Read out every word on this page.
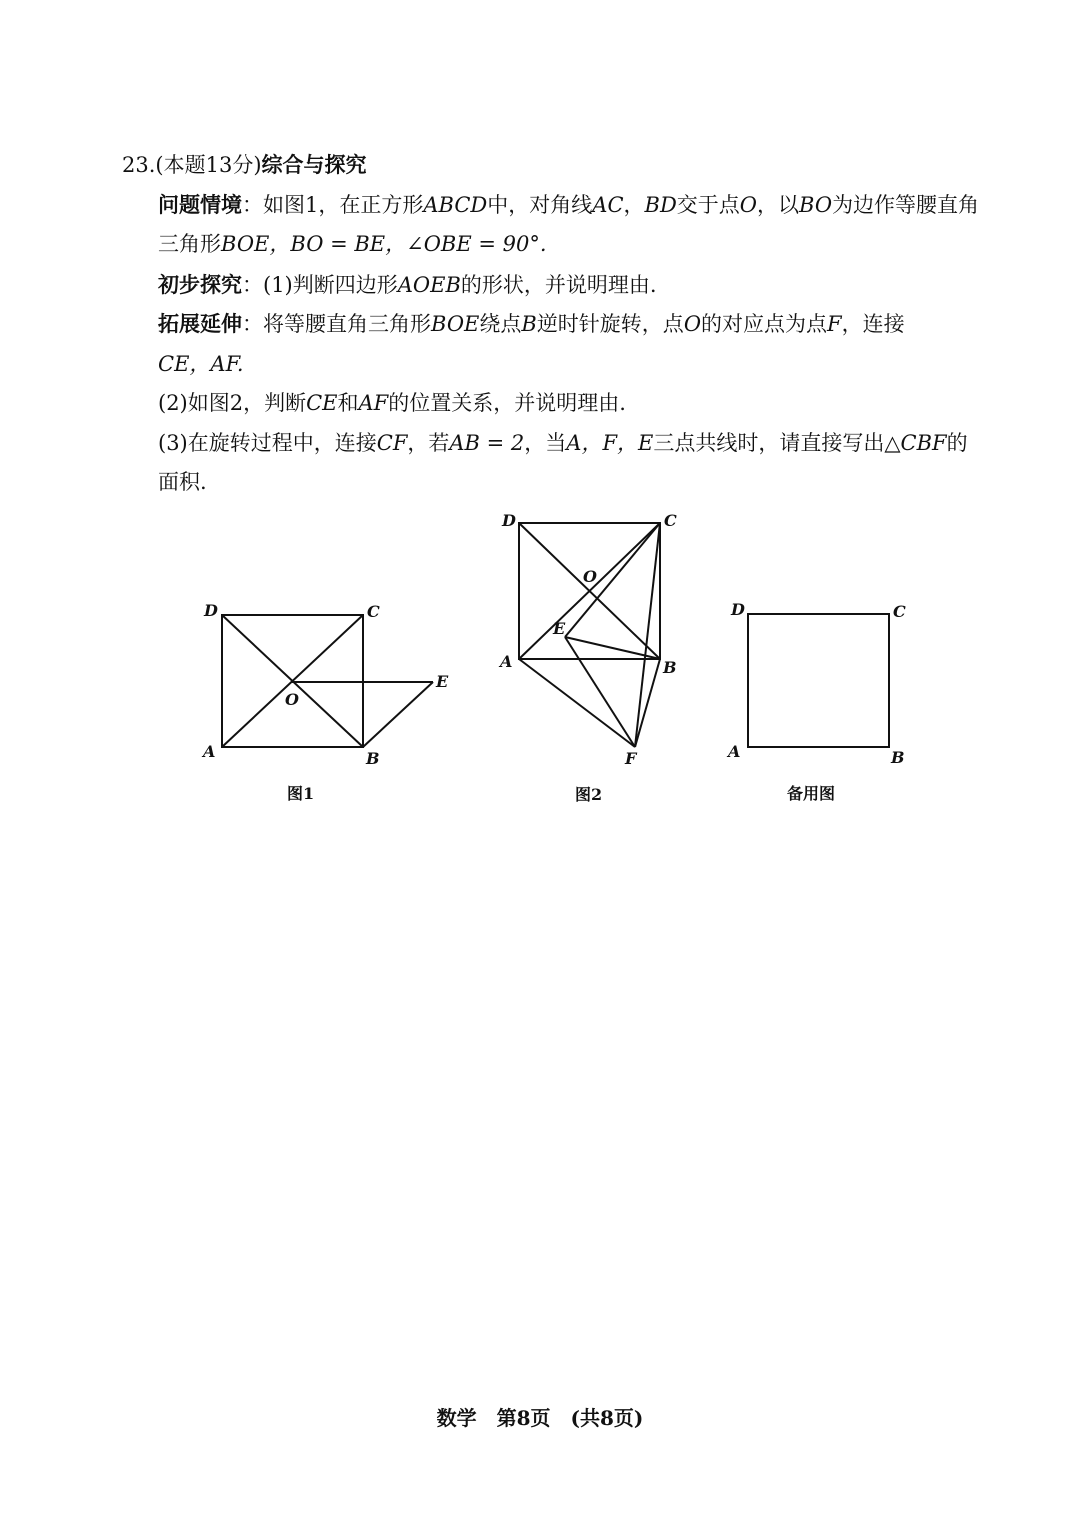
23.(本题13分)综合与探究
问题情境：如图1，在正方形ABCD中，对角线AC，BD交于点O，以BO为边作等腰直角
三角形BOE，BO = BE，∠OBE = 90°.
初步探究：(1)判断四边形AOEB的形状，并说明理由.
拓展延伸：将等腰直角三角形BOE绕点B逆时针旋转，点O的对应点为点F，连接
CE，AF.
(2)如图2，判断CE和AF的位置关系，并说明理由.
(3)在旋转过程中，连接CF，若AB = 2，当A，F，E三点共线时，请直接写出△CBF的
面积.
D	C
A	B
O
E
图1
D	C
O
E
A	B
F
图2
D	C
A	B
备用图
数学　第8页　(共8页)
